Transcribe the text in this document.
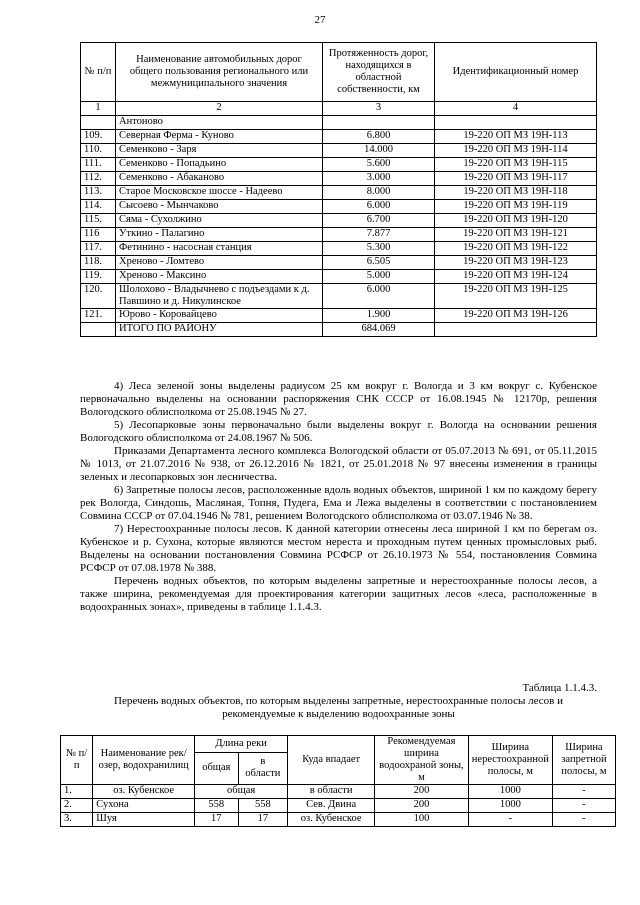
27
№ п/п	Наименование автомобильных дорог общего пользования регионального или межмуниципального значения	Протяженность дорог, находящихся в областной собственности, км	Идентификационный номер
1	2	3	4
	Антоново		
109.	Северная Ферма - Куново	6.800	19-220 ОП МЗ 19Н-113
110.	Семенково - Заря	14.000	19-220 ОП МЗ 19Н-114
111.	Семенково - Попадьино	5.600	19-220 ОП МЗ 19Н-115
112.	Семенково - Абаканово	3.000	19-220 ОП МЗ 19Н-117
113.	Старое Московское шоссе - Надеево	8.000	19-220 ОП МЗ 19Н-118
114.	Сысоево - Мынчаково	6.000	19-220 ОП МЗ 19Н-119
115.	Сяма - Сухолжино	6.700	19-220 ОП МЗ 19Н-120
116	Уткино - Палагино	7.877	19-220 ОП МЗ 19Н-121
117.	Фетинино - насосная станция	5.300	19-220 ОП МЗ 19Н-122
118.	Хреново - Ломтево	6.505	19-220 ОП МЗ 19Н-123
119.	Хреново - Максино	5.000	19-220 ОП МЗ 19Н-124
120.	Шолохово - Владычнево с подъездами к д. Павшино и д. Никулинское	6.000	19-220 ОП МЗ 19Н-125
121.	Юрово - Коровайцево	1.900	19-220 ОП МЗ 19Н-126
	ИТОГО ПО РАЙОНУ	684.069	

4) Леса зеленой зоны выделены радиусом 25 км вокруг г. Вологда и 3 км вокруг с. Кубенское первоначально выделены на основании распоряжения СНК СССР от 16.08.1945 № 12170р, решения Вологодского облисполкома от 25.08.1945 № 27.

5) Лесопарковые зоны первоначально были выделены вокруг г. Вологда на основании решения Вологодского облисполкома от 24.08.1967 № 506.

Приказами Департамента лесного комплекса Вологодской области от 05.07.2013 № 691, от 05.11.2015 № 1013, от 21.07.2016 № 938, от 26.12.2016 № 1821, от 25.01.2018 № 97 внесены изменения в границы зеленых и лесопарковых зон лесничества.

6) Запретные полосы лесов, расположенные вдоль водных объектов, шириной 1 км по каждому берегу рек Вологда, Синдошь, Масляная, Топня, Пудега, Ема и Лежа выделены в соответствии с постановлением Совмина СССР от 07.04.1946 № 781, решением Вологодского облисполкома от 03.07.1946 № 38.

7) Нерестоохранные полосы лесов. К данной категории отнесены леса шириной 1 км по берегам оз. Кубенское и р. Сухона, которые являются местом нереста и проходным путем ценных промысловых рыб. Выделены на основании постановления Совмина РСФСР от 26.10.1973 № 554, постановления Совмина РСФСР от 07.08.1978 № 388.

Перечень водных объектов, по которым выделены запретные и нерестоохранные полосы лесов, а также ширина, рекомендуемая для проектирования категории защитных лесов «леса, расположенные в водоохранных зонах», приведены в таблице 1.1.4.3.

Таблица 1.1.4.3.
Перечень водных объектов, по которым выделены запретные, нерестоохранные полосы лесов и рекомендуемые к выделению водоохранные зоны
№ п/п	Наименование рек/озер, водохранилищ	Длина реки		Куда впадает	Рекомендуемая ширина водоохраной зоны, м	Ширина нерестоохранной полосы, м	Ширина запретной полосы, м
		общая	в области				
1.	оз. Кубенское	общая		в области	200	1000	-
2.	Сухона	558	558	Сев. Двина	200	1000	-
3.	Шуя	17	17	оз. Кубенское	100	-	-
